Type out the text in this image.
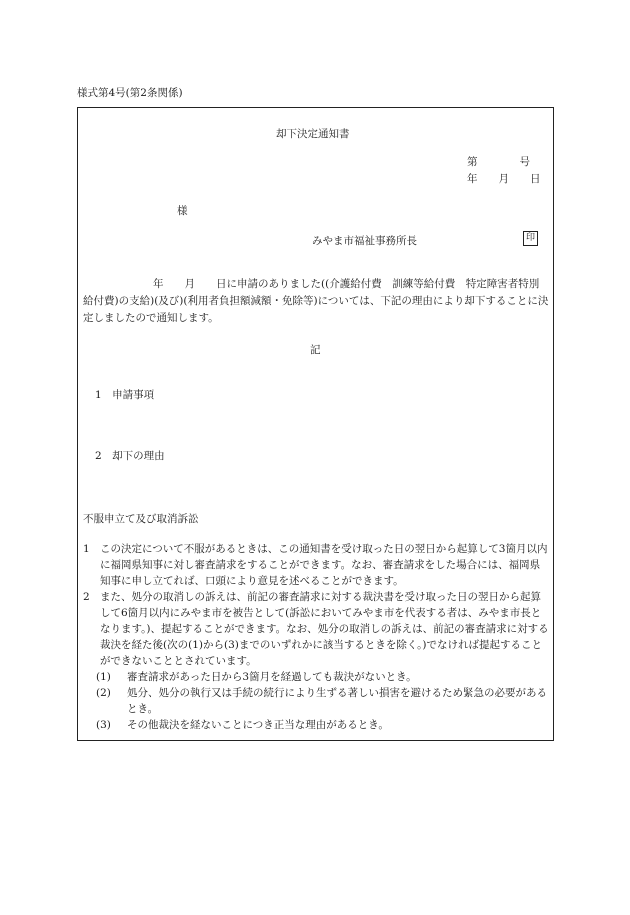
様式第4号(第2条関係)
却下決定通知書
第　　　　号
年　　月　　日
様
みやま市福祉事務所長	印
年　　月　　日に申請のありました((介護給付費　訓練等給付費　特定障害者特別給付費)の支給)(及び)(利用者負担額減額・免除等)については、下記の理由により却下することに決定しましたので通知します。
記
1　申請事項
2　却下の理由
不服申立て及び取消訴訟
1 この決定について不服があるときは、この通知書を受け取った日の翌日から起算して3箇月以内に福岡県知事に対し審査請求をすることができます。なお、審査請求をした場合には、福岡県知事に申し立てれば、口頭により意見を述べることができます。
2 また、処分の取消しの訴えは、前記の審査請求に対する裁決書を受け取った日の翌日から起算して6箇月以内にみやま市を被告として(訴訟においてみやま市を代表する者は、みやま市長となります。)、提起することができます。なお、処分の取消しの訴えは、前記の審査請求に対する裁決を経た後(次の(1)から(3)までのいずれかに該当するときを除く。)でなければ提起することができないこととされています。
(1) 審査請求があった日から3箇月を経過しても裁決がないとき。
(2) 処分、処分の執行又は手続の続行により生ずる著しい損害を避けるため緊急の必要があるとき。
(3) その他裁決を経ないことにつき正当な理由があるとき。
